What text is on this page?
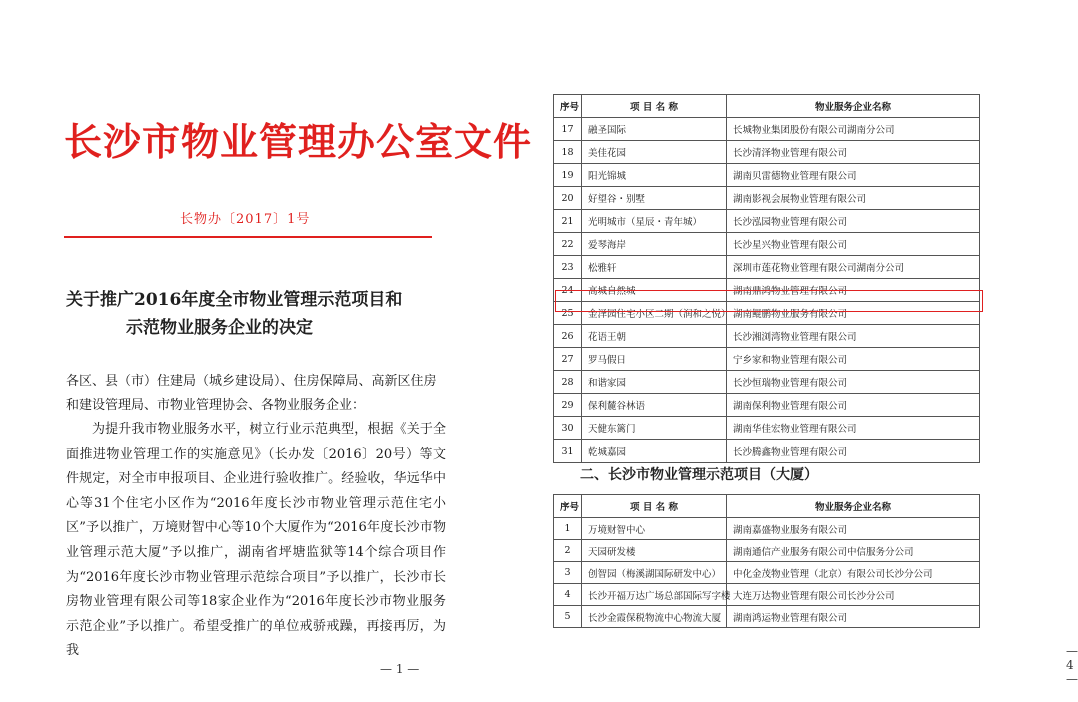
长沙市物业管理办公室文件
长物办〔2017〕1号
关于推广2016年度全市物业管理示范项目和
示范物业服务企业的决定
各区、县（市）住建局（城乡建设局）、住房保障局、高新区住房和建设管理局、市物业管理协会、各物业服务企业：
为提升我市物业服务水平，树立行业示范典型，根据《关于全面推进物业管理工作的实施意见》（长办发〔2016〕20号）等文件规定，对全市申报项目、企业进行验收推广。经验收，华远华中心等31个住宅小区作为“2016年度长沙市物业管理示范住宅小区”予以推广，万境财智中心等10个大厦作为“2016年度长沙市物业管理示范大厦”予以推广，湖南省坪塘监狱等14个综合项目作为“2016年度长沙市物业管理示范综合项目”予以推广，长沙市长房物业管理有限公司等18家企业作为“2016年度长沙市物业服务示范企业”予以推广。希望受推广的单位戒骄戒躁，再接再厉，为我
— 1 —
序号	项 目 名 称	物业服务企业名称
17	融圣国际	长城物业集团股份有限公司湖南分公司
18	美佳花园	长沙清泽物业管理有限公司
19	阳光锦城	湖南贝雷德物业管理有限公司
20	好望谷・别墅	湖南影视会展物业管理有限公司
21	光明城市（星辰・青年城）	长沙泓园物业管理有限公司
22	爱琴海岸	长沙星兴物业管理有限公司
23	松雅轩	深圳市莲花物业管理有限公司湖南分公司
24	高城自然城	湖南鼎鸿物业管理有限公司
25	金泽园住宅小区二期（润和之悦）	湖南鲲鹏物业服务有限公司
26	花语王朝	长沙湘浏湾物业管理有限公司
27	罗马假日	宁乡家和物业管理有限公司
28	和谐家园	长沙恒瑞物业管理有限公司
29	保利麓谷林语	湖南保利物业管理有限公司
30	天健东篱门	湖南华佳宏物业管理有限公司
31	乾城嘉园	长沙腾鑫物业管理有限公司
二、长沙市物业管理示范项目（大厦）
序号	项 目 名 称	物业服务企业名称
1	万境财智中心	湖南嘉盛物业服务有限公司
2	天园研发楼	湖南通信产业服务有限公司中信服务分公司
3	创智园（梅溪湖国际研发中心）	中化金茂物业管理（北京）有限公司长沙分公司
4	长沙开福万达广场总部国际写字楼	大连万达物业管理有限公司长沙分公司
5	长沙金霞保税物流中心物流大厦	湖南鸿运物业管理有限公司
— 4 —
